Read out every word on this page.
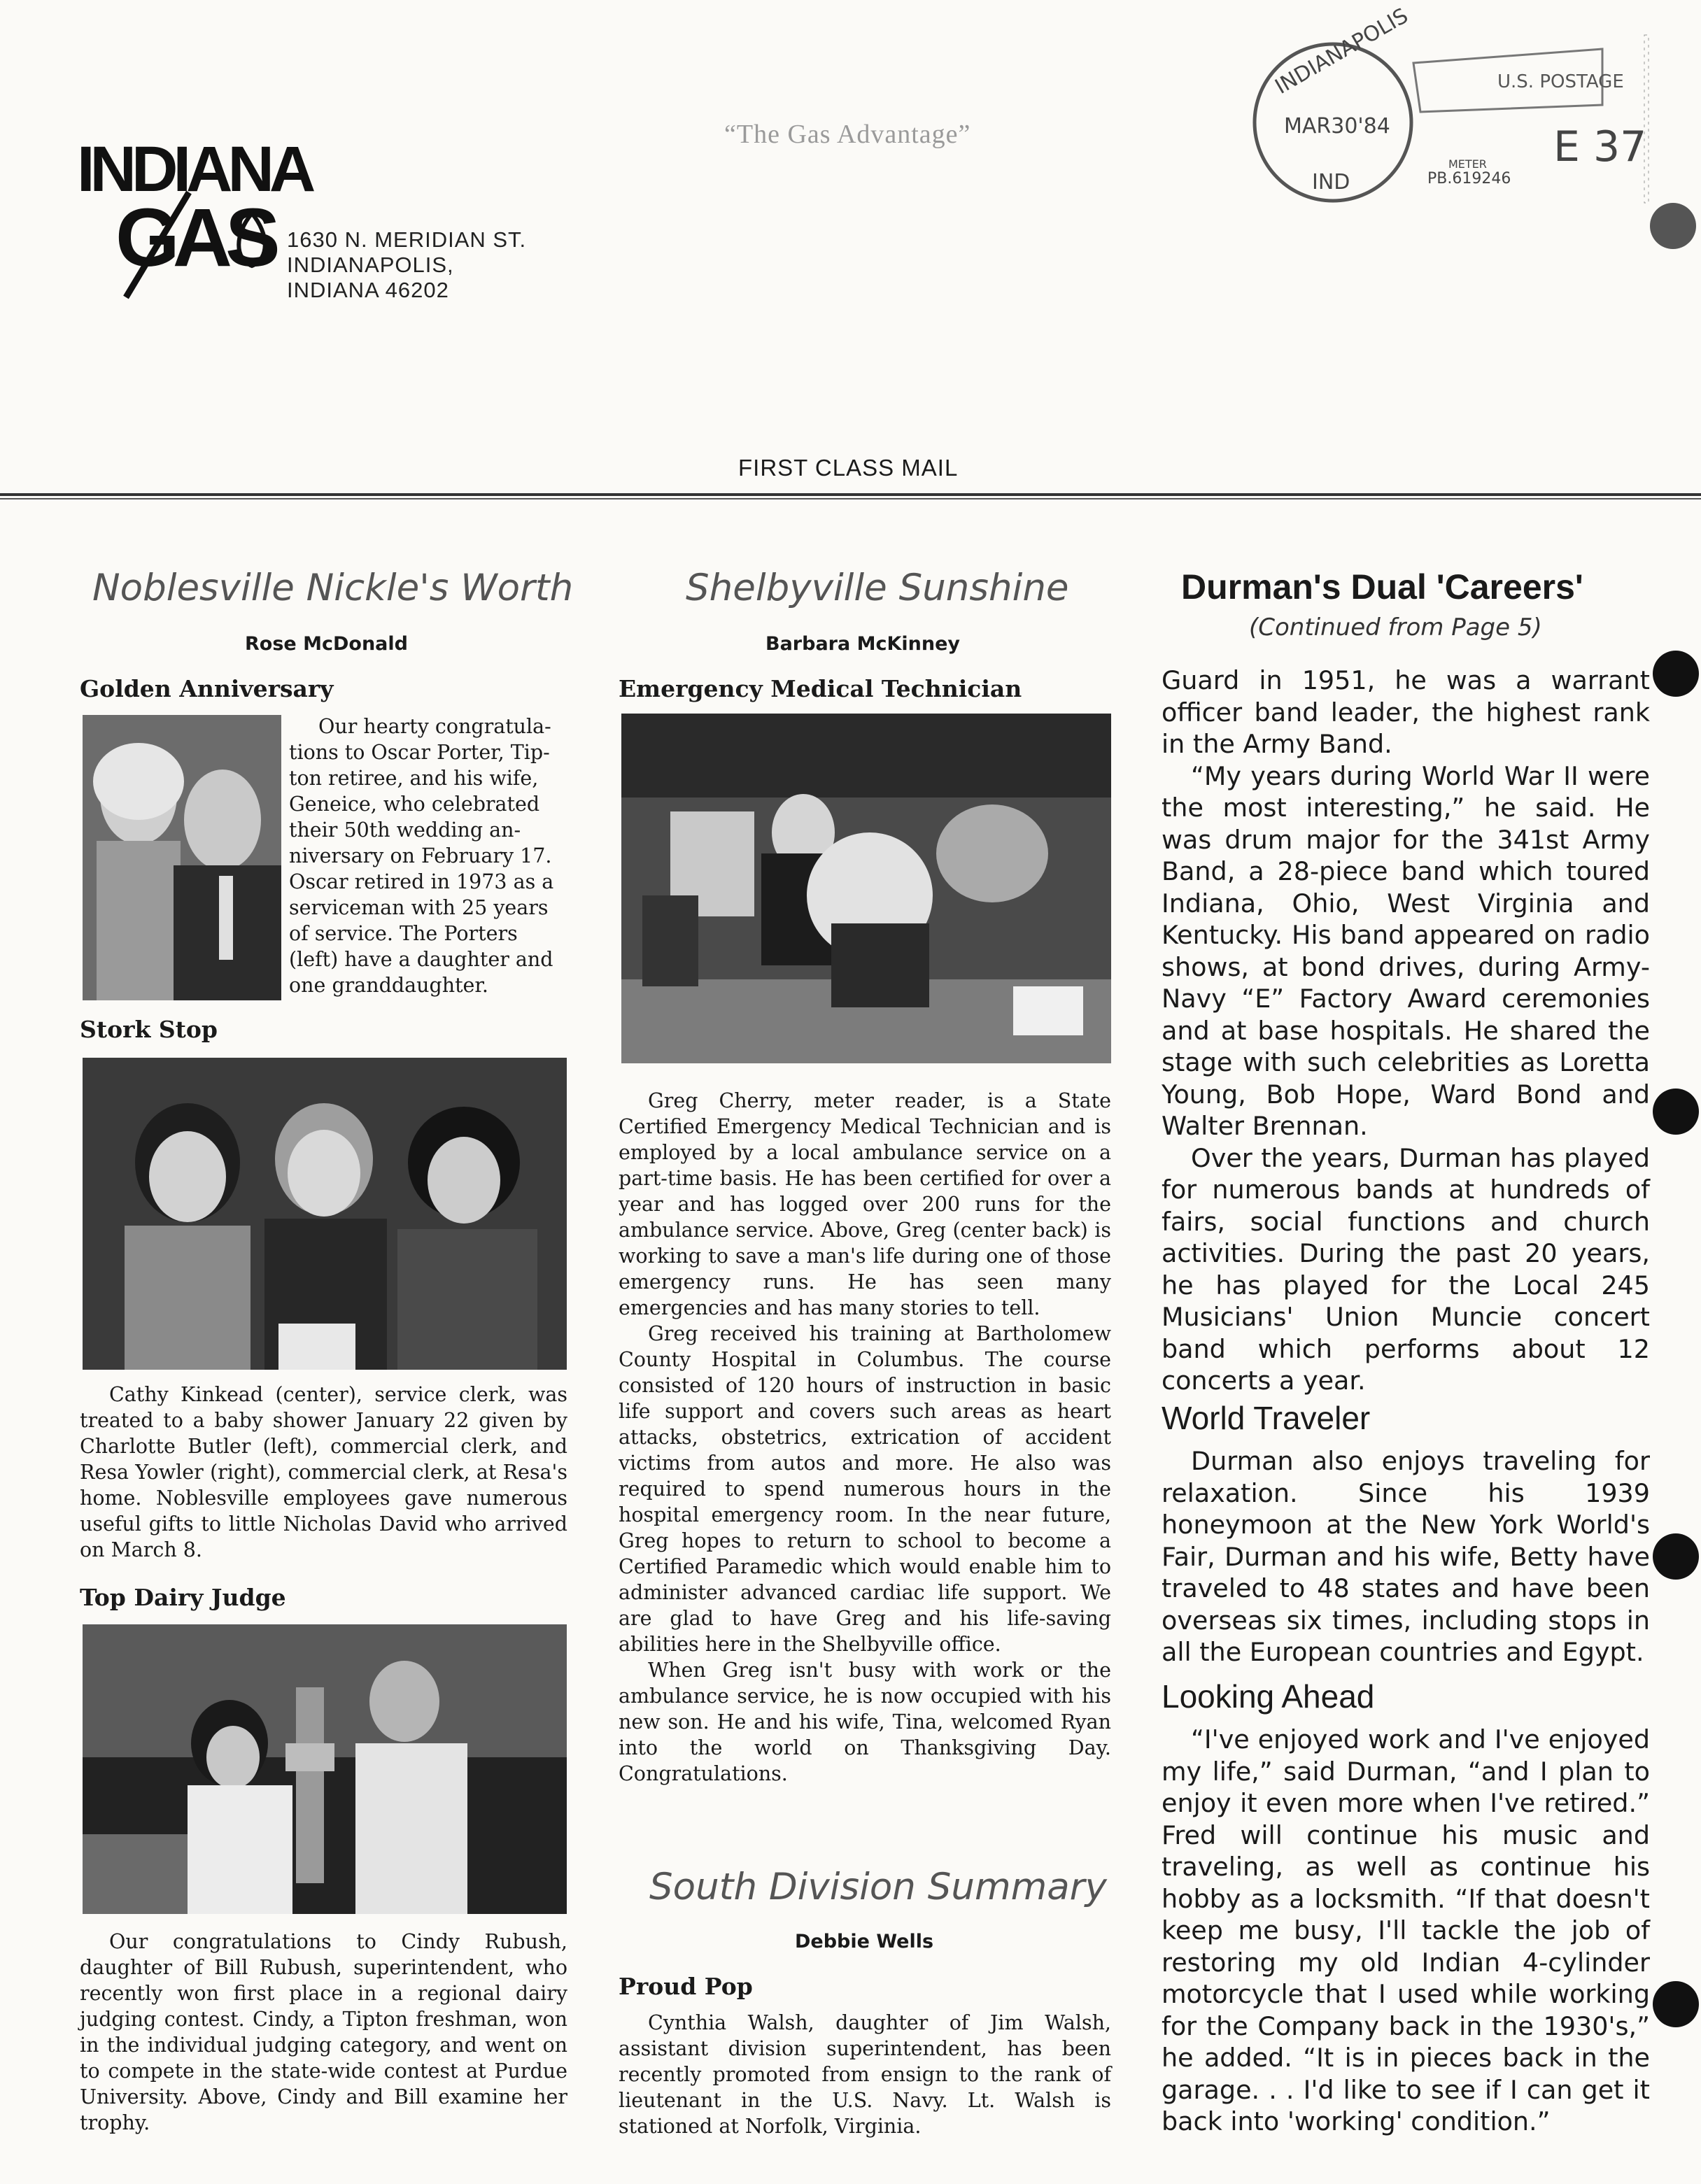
INDIANA
GAS 1630 N. MERIDIAN ST.
INDIANAPOLIS,
INDIANA 46202
“The Gas Advantage”
INDIANAPOLIS
MAR30'84
IND
U.S. POSTAGE
E 37
PB.619246
METER
FIRST CLASS MAIL
Noblesville Nickle's Worth
Rose McDonald
Golden Anniversary
Our hearty congratula-
tions to Oscar Porter, Tip-
ton retiree, and his wife,
Geneice, who celebrated
their 50th wedding an-
niversary on February 17.
Oscar retired in 1973 as a
serviceman with 25 years
of service. The Porters
(left) have a daughter and
one granddaughter.
Stork Stop

Cathy Kinkead (center), service clerk, was treated to a baby shower January 22 given by Charlotte Butler (left), commercial clerk, and Resa Yowler (right), commercial clerk, at Resa's home. Noblesville employees gave numerous useful gifts to little Nicholas David who arrived on March 8.

Top Dairy Judge

Our congratulations to Cindy Rubush, daughter of Bill Rubush, superintendent, who recently won first place in a regional dairy judging contest. Cindy, a Tipton freshman, won in the individual judging category, and went on to compete in the state-wide contest at Purdue University. Above, Cindy and Bill examine her trophy.

Shelbyville Sunshine
Barbara McKinney
Emergency Medical Technician

Greg Cherry, meter reader, is a State Certified Emergency Medical Technician and is employed by a local ambulance service on a part-time basis. He has been certified for over a year and has logged over 200 runs for the ambulance service. Above, Greg (center back) is working to save a man's life during one of those emergency runs. He has seen many emergencies and has many stories to tell.

Greg received his training at Bartholomew County Hospital in Columbus. The course consisted of 120 hours of instruction in basic life support and covers such areas as heart attacks, obstetrics, extrication of accident victims from autos and more. He also was required to spend numerous hours in the hospital emergency room. In the near future, Greg hopes to return to school to become a Certified Paramedic which would enable him to administer advanced cardiac life support. We are glad to have Greg and his life-saving abilities here in the Shelbyville office.

When Greg isn't busy with work or the ambulance service, he is now occupied with his new son. He and his wife, Tina, welcomed Ryan into the world on Thanksgiving Day. Congratulations.

South Division Summary
Debbie Wells
Proud Pop

Cynthia Walsh, daughter of Jim Walsh, assistant division superintendent, has been recently promoted from ensign to the rank of lieutenant in the U.S. Navy. Lt. Walsh is stationed at Norfolk, Virginia.

Durman's Dual 'Careers'
(Continued from Page 5)

Guard in 1951, he was a warrant officer band leader, the highest rank in the Army Band.

“My years during World War II were the most interesting,” he said. He was drum major for the 341st Army Band, a 28-piece band which toured Indiana, Ohio, West Virginia and Kentucky. His band appeared on radio shows, at bond drives, during Army-Navy “E” Factory Award ceremonies and at base hospitals. He shared the stage with such celebrities as Loretta Young, Bob Hope, Ward Bond and Walter Brennan.

Over the years, Durman has played for numerous bands at hundreds of fairs, social functions and church activities. During the past 20 years, he has played for the Local 245 Musicians' Union Muncie concert band which performs about 12 concerts a year.

World Traveler

Durman also enjoys traveling for relaxation. Since his 1939 honeymoon at the New York World's Fair, Durman and his wife, Betty have traveled to 48 states and have been overseas six times, including stops in all the European countries and Egypt.

Looking Ahead

“I've enjoyed work and I've enjoyed my life,” said Durman, “and I plan to enjoy it even more when I've retired.” Fred will continue his music and traveling, as well as continue his hobby as a locksmith. “If that doesn't keep me busy, I'll tackle the job of restoring my old Indian 4-cylinder motorcycle that I used while working for the Company back in the 1930's,” he added. “It is in pieces back in the garage. . . I'd like to see if I can get it back into 'working' condition.”
